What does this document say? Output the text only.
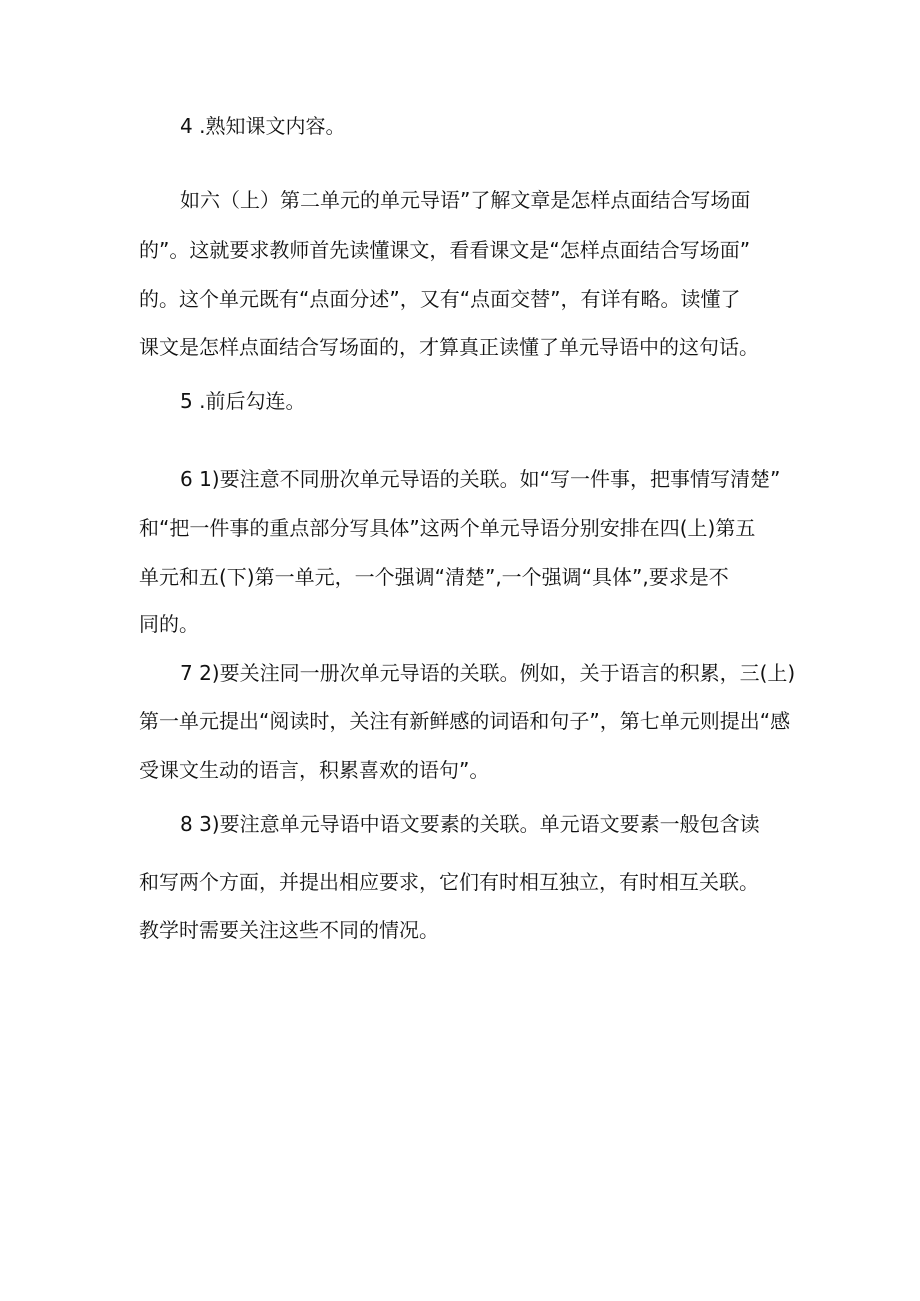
4 .熟知课文内容。

如六（上）第二单元的单元导语”了解文章是怎样点面结合写场面

的”。这就要求教师首先读懂课文，看看课文是“怎样点面结合写场面”

的。这个单元既有“点面分述”，又有“点面交替”，有详有略。读懂了

课文是怎样点面结合写场面的，才算真正读懂了单元导语中的这句话。

5 .前后勾连。

6 1)要注意不同册次单元导语的关联。如“写一件事，把事情写清楚”

和“把一件事的重点部分写具体”这两个单元导语分别安排在四(上)第五

单元和五(下)第一单元，一个强调“清楚”,一个强调“具体”,要求是不

同的。

7 2)要关注同一册次单元导语的关联。例如，关于语言的积累，三(上)

第一单元提出“阅读时，关注有新鲜感的词语和句子”，第七单元则提出“感

受课文生动的语言，积累喜欢的语句”。

8 3)要注意单元导语中语文要素的关联。单元语文要素一般包含读

和写两个方面，并提出相应要求，它们有时相互独立，有时相互关联。

教学时需要关注这些不同的情况。
